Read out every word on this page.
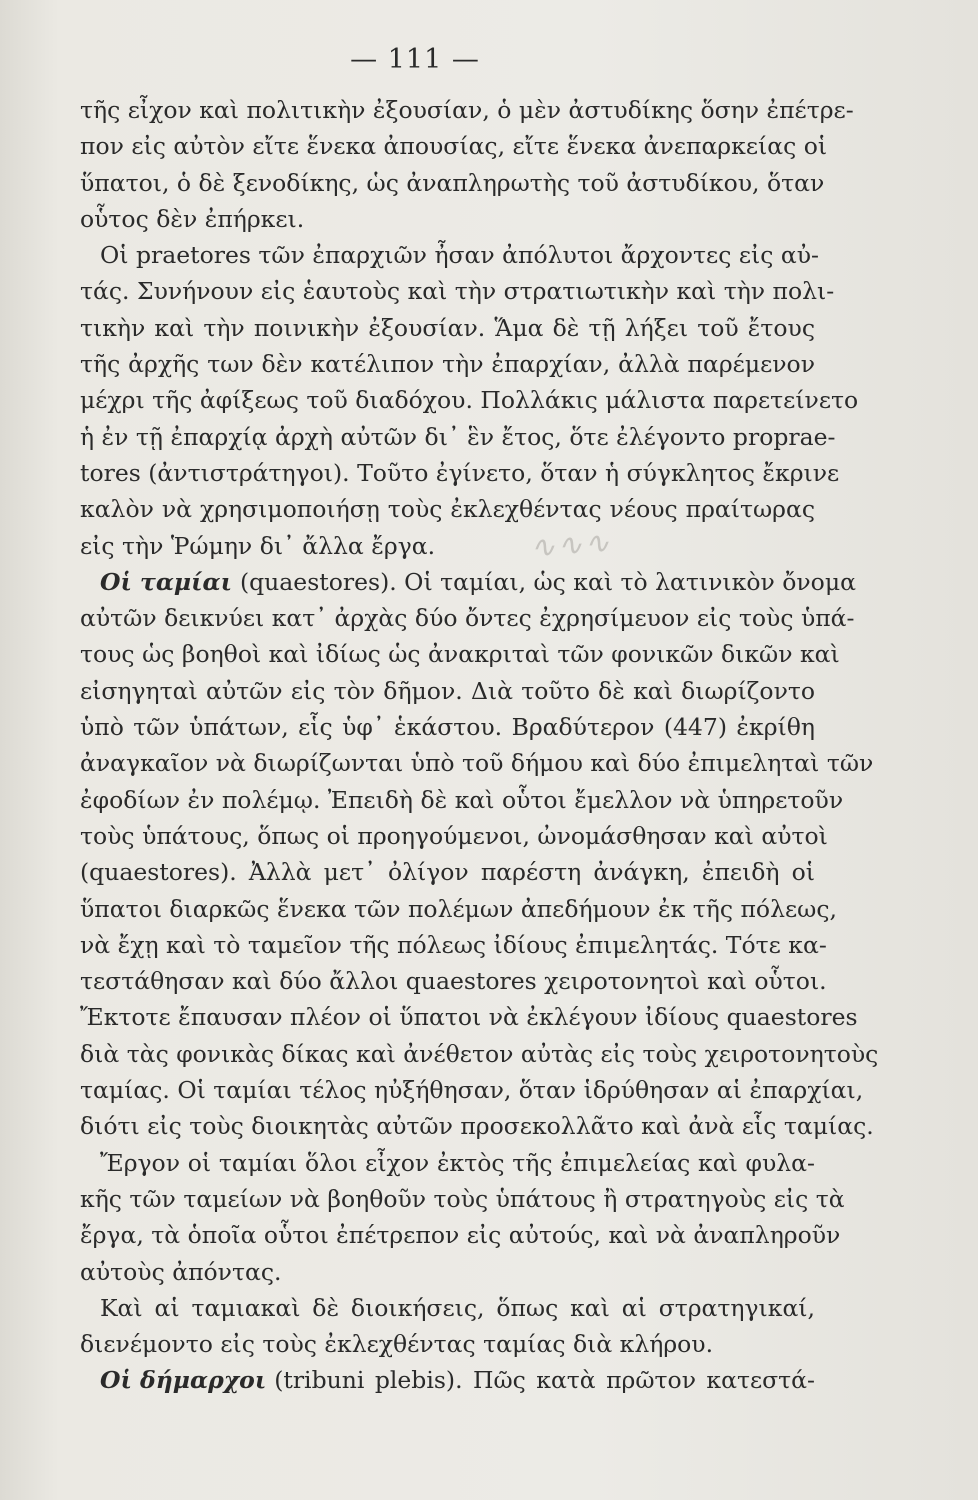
— 111 —
τῆς εἶχον καὶ πολιτικὴν ἐξουσίαν, ὁ μὲν ἀστυδίκης ὅσην ἐπέτρε-
πον εἰς αὐτὸν εἴτε ἕνεκα ἀπουσίας, εἴτε ἕνεκα ἀνεπαρκείας οἱ
ὕπατοι, ὁ δὲ ξενοδίκης, ὡς ἀναπληρωτὴς τοῦ ἀστυδίκου, ὅταν
οὗτος δὲν ἐπήρκει.
Οἱ praetores τῶν ἐπαρχιῶν ἦσαν ἀπόλυτοι ἄρχοντες εἰς αὐ-
τάς. Συνήνουν εἰς ἑαυτοὺς καὶ τὴν στρατιωτικὴν καὶ τὴν πολι-
τικὴν καὶ τὴν ποινικὴν ἐξουσίαν. Ἅμα δὲ τῇ λήξει τοῦ ἔτους
τῆς ἀρχῆς των δὲν κατέλιπον τὴν ἐπαρχίαν, ἀλλὰ παρέμενον
μέχρι τῆς ἀφίξεως τοῦ διαδόχου. Πολλάκις μάλιστα παρετείνετο
ἡ ἐν τῇ ἐπαρχίᾳ ἀρχὴ αὐτῶν δι᾽ ἓν ἔτος, ὅτε ἐλέγοντο propraе-
tores (ἀντιστράτηγοι). Τοῦτο ἐγίνετο, ὅταν ἡ σύγκλητος ἔκρινε
καλὸν νὰ χρησιμοποιήσῃ τοὺς ἐκλεχθέντας νέους πραίτωρας
εἰς τὴν Ῥώμην δι᾽ ἄλλα ἔργα.
Οἱ ταμίαι (quaestores). Οἱ ταμίαι, ὡς καὶ τὸ λατινικὸν ὄνομα
αὐτῶν δεικνύει κατ᾽ ἀρχὰς δύο ὄντες ἐχρησίμευον εἰς τοὺς ὑπά-
τους ὡς βοηθοὶ καὶ ἰδίως ὡς ἀνακριταὶ τῶν φονικῶν δικῶν καὶ
εἰσηγηταὶ αὐτῶν εἰς τὸν δῆμον. Διὰ τοῦτο δὲ καὶ διωρίζοντο
ὑπὸ τῶν ὑπάτων, εἷς ὑφ᾽ ἑκάστου. Βραδύτερον (447) ἐκρίθη
ἀναγκαῖον νὰ διωρίζωνται ὑπὸ τοῦ δήμου καὶ δύο ἐπιμεληταὶ τῶν
ἐφοδίων ἐν πολέμῳ. Ἐπειδὴ δὲ καὶ οὗτοι ἔμελλον νὰ ὑπηρετοῦν
τοὺς ὑπάτους, ὅπως οἱ προηγούμενοι, ὠνομάσθησαν καὶ αὐτοὶ
(quaestores). Ἀλλὰ μετ᾽ ὀλίγον παρέστη ἀνάγκη, ἐπειδὴ οἱ
ὕπατοι διαρκῶς ἕνεκα τῶν πολέμων ἀπεδήμουν ἐκ τῆς πόλεως,
νὰ ἔχῃ καὶ τὸ ταμεῖον τῆς πόλεως ἰδίους ἐπιμελητάς. Τότε κα-
τεστάθησαν καὶ δύο ἄλλοι quaestores χειροτονητοὶ καὶ οὗτοι.
Ἔκτοτε ἔπαυσαν πλέον οἱ ὕπατοι νὰ ἐκλέγουν ἰδίους quaestores
διὰ τὰς φονικὰς δίκας καὶ ἀνέθετον αὐτὰς εἰς τοὺς χειροτονητοὺς
ταμίας. Οἱ ταμίαι τέλος ηὐξήθησαν, ὅταν ἱδρύθησαν αἱ ἐπαρχίαι,
διότι εἰς τοὺς διοικητὰς αὐτῶν προσεκολλᾶτο καὶ ἀνὰ εἷς ταμίας.
Ἔργον οἱ ταμίαι ὅλοι εἶχον ἐκτὸς τῆς ἐπιμελείας καὶ φυλα-
κῆς τῶν ταμείων νὰ βοηθοῦν τοὺς ὑπάτους ἢ στρατηγοὺς εἰς τὰ
ἔργα, τὰ ὁποῖα οὗτοι ἐπέτρεπον εἰς αὐτούς, καὶ νὰ ἀναπληροῦν
αὐτοὺς ἀπόντας.
Καὶ αἱ ταμιακαὶ δὲ διοικήσεις, ὅπως καὶ αἱ στρατηγικαί,
διενέμοντο εἰς τοὺς ἐκλεχθέντας ταμίας διὰ κλήρου.
Οἱ δήμαρχοι (tribuni plebis). Πῶς κατὰ πρῶτον κατεστά-
∿∿∿
